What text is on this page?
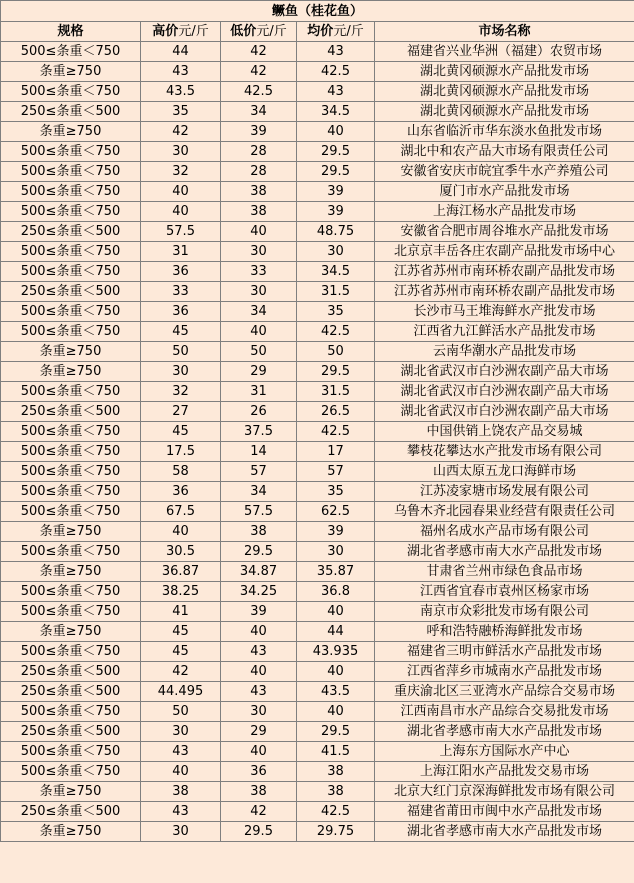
鳜鱼（桂花鱼）				
规格	高价元/斤	低价元/斤	均价元/斤	市场名称
500≤条重＜750	44	42	43	福建省兴业华洲（福建）农贸市场
条重≥750	43	42	42.5	湖北黄冈硕源水产品批发市场
500≤条重＜750	43.5	42.5	43	湖北黄冈硕源水产品批发市场
250≤条重＜500	35	34	34.5	湖北黄冈硕源水产品批发市场
条重≥750	42	39	40	山东省临沂市华东淡水鱼批发市场
500≤条重＜750	30	28	29.5	湖北中和农产品大市场有限责任公司
500≤条重＜750	32	28	29.5	安徽省安庆市皖宜季牛水产养殖公司
500≤条重＜750	40	38	39	厦门市水产品批发市场
500≤条重＜750	40	38	39	上海江杨水产品批发市场
250≤条重＜500	57.5	40	48.75	安徽省合肥市周谷堆水产品批发市场
500≤条重＜750	31	30	30	北京京丰岳各庄农副产品批发市场中心
500≤条重＜750	36	33	34.5	江苏省苏州市南环桥农副产品批发市场
250≤条重＜500	33	30	31.5	江苏省苏州市南环桥农副产品批发市场
500≤条重＜750	36	34	35	长沙市马王堆海鲜水产批发市场
500≤条重＜750	45	40	42.5	江西省九江鲜活水产品批发市场
条重≥750	50	50	50	云南华潮水产品批发市场
条重≥750	30	29	29.5	湖北省武汉市白沙洲农副产品大市场
500≤条重＜750	32	31	31.5	湖北省武汉市白沙洲农副产品大市场
250≤条重＜500	27	26	26.5	湖北省武汉市白沙洲农副产品大市场
500≤条重＜750	45	37.5	42.5	中国供销上饶农产品交易城
500≤条重＜750	17.5	14	17	攀枝花攀达水产批发市场有限公司
500≤条重＜750	58	57	57	山西太原五龙口海鲜市场
500≤条重＜750	36	34	35	江苏凌家塘市场发展有限公司
500≤条重＜750	67.5	57.5	62.5	乌鲁木齐北园春果业经营有限责任公司
条重≥750	40	38	39	福州名成水产品市场有限公司
500≤条重＜750	30.5	29.5	30	湖北省孝感市南大水产品批发市场
条重≥750	36.87	34.87	35.87	甘肃省兰州市绿色食品市场
500≤条重＜750	38.25	34.25	36.8	江西省宜春市袁州区杨家市场
500≤条重＜750	41	39	40	南京市众彩批发市场有限公司
条重≥750	45	40	44	呼和浩特融桥海鲜批发市场
500≤条重＜750	45	43	43.935	福建省三明市鲜活水产品批发市场
250≤条重＜500	42	40	40	江西省萍乡市城南水产品批发市场
250≤条重＜500	44.495	43	43.5	重庆渝北区三亚湾水产品综合交易市场
500≤条重＜750	50	30	40	江西南昌市水产品综合交易批发市场
250≤条重＜500	30	29	29.5	湖北省孝感市南大水产品批发市场
500≤条重＜750	43	40	41.5	上海东方国际水产中心
500≤条重＜750	40	36	38	上海江阳水产品批发交易市场
条重≥750	38	38	38	北京大红门京深海鲜批发市场有限公司
250≤条重＜500	43	42	42.5	福建省莆田市闽中水产品批发市场
条重≥750	30	29.5	29.75	湖北省孝感市南大水产品批发市场
